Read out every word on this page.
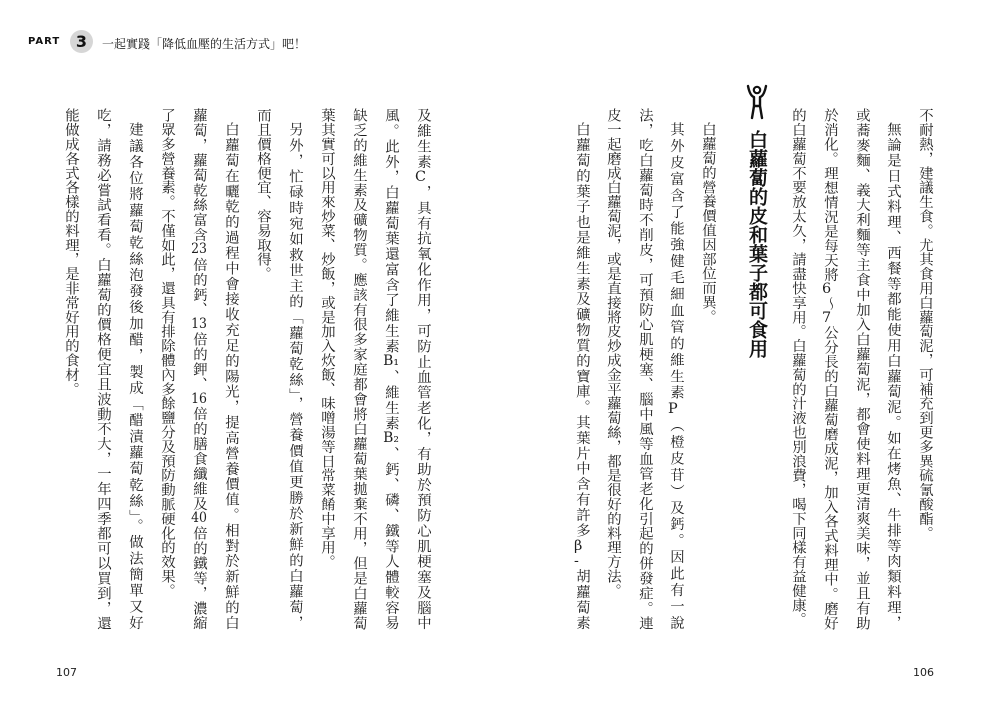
PART 3	一起實踐「降低血壓的生活方式」吧！
及維生素C，具有抗氧化作用，可防止血管老化，有助於預防心肌梗塞及腦中
風。此外，白蘿蔔葉還富含了維生素B₁、維生素B₂、鈣、磷、鐵等人體較容易
缺乏的維生素及礦物質。應該有很多家庭都會將白蘿蔔葉拋棄不用，但是白蘿蔔
葉其實可以用來炒菜、炒飯，或是加入炊飯、味噌湯等日常菜餚中享用。
另外，忙碌時宛如救世主的「蘿蔔乾絲」，營養價值更勝於新鮮的白蘿蔔，
而且價格便宜、容易取得。
白蘿蔔在曬乾的過程中會接收充足的陽光，提高營養價值。相對於新鮮的白
蘿蔔，蘿蔔乾絲富含23倍的鈣、13倍的鉀、16倍的膳食纖維及40倍的鐵等，濃縮
了眾多營養素。不僅如此，還具有排除體內多餘鹽分及預防動脈硬化的效果。
建議各位將蘿蔔乾絲泡發後加醋，製成「醋漬蘿蔔乾絲」。做法簡單又好
吃，請務必嘗試看看。白蘿蔔的價格便宜且波動不大，一年四季都可以買到，還
能做成各式各樣的料理，是非常好用的食材。
107
不耐熱，建議生食。尤其食用白蘿蔔泥，可補充到更多異硫氰酸酯。
無論是日式料理、西餐等都能使用白蘿蔔泥。如在烤魚、牛排等肉類料理，
或蕎麥麵、義大利麵等主食中加入白蘿蔔泥，都會使料理更清爽美味，並且有助
於消化。理想情況是每天將6～7公分長的白蘿蔔磨成泥，加入各式料理中。磨好
的白蘿蔔不要放太久，請盡快享用。白蘿蔔的汁液也別浪費，喝下同樣有益健康。
白蘿蔔的皮和葉子都可食用
白蘿蔔的營養價值因部位而異。
其外皮富含了能強健毛細血管的維生素P（橙皮苷）及鈣。因此有一說
法，吃白蘿蔔時不削皮，可預防心肌梗塞、腦中風等血管老化引起的併發症。連
皮一起磨成白蘿蔔泥，或是直接將皮炒成金平蘿蔔絲，都是很好的料理方法。
白蘿蔔的葉子也是維生素及礦物質的寶庫。其葉片中含有許多β-胡蘿蔔素
106
